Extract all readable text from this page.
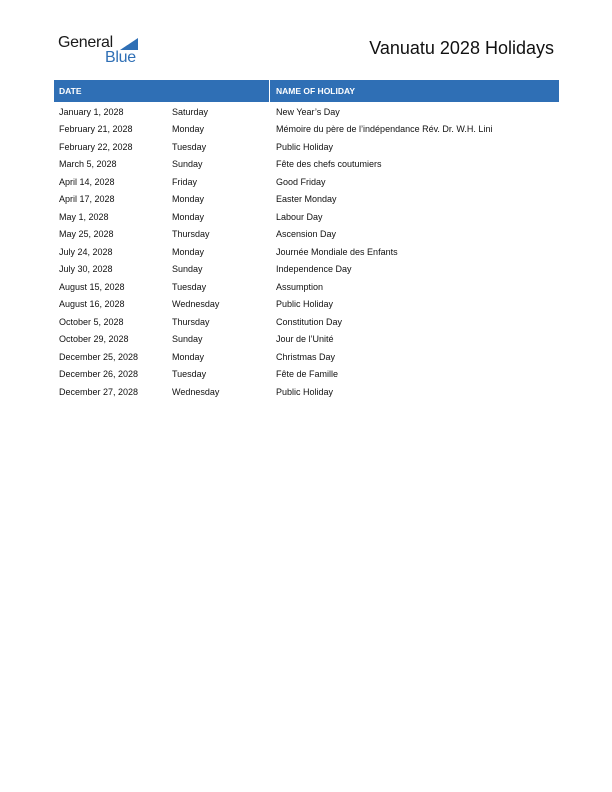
General
Blue	Vanuatu 2028 Holidays
DATE	NAME OF HOLIDAY
January 1, 2028	Saturday	New Year’s Day
February 21, 2028	Monday	Mémoire du père de l’indépendance Rév. Dr. W.H. Lini
February 22, 2028	Tuesday	Public Holiday
March 5, 2028	Sunday	Fête des chefs coutumiers
April 14, 2028	Friday	Good Friday
April 17, 2028	Monday	Easter Monday
May 1, 2028	Monday	Labour Day
May 25, 2028	Thursday	Ascension Day
July 24, 2028	Monday	Journée Mondiale des Enfants
July 30, 2028	Sunday	Independence Day
August 15, 2028	Tuesday	Assumption
August 16, 2028	Wednesday	Public Holiday
October 5, 2028	Thursday	Constitution Day
October 29, 2028	Sunday	Jour de l’Unité
December 25, 2028	Monday	Christmas Day
December 26, 2028	Tuesday	Fête de Famille
December 27, 2028	Wednesday	Public Holiday
